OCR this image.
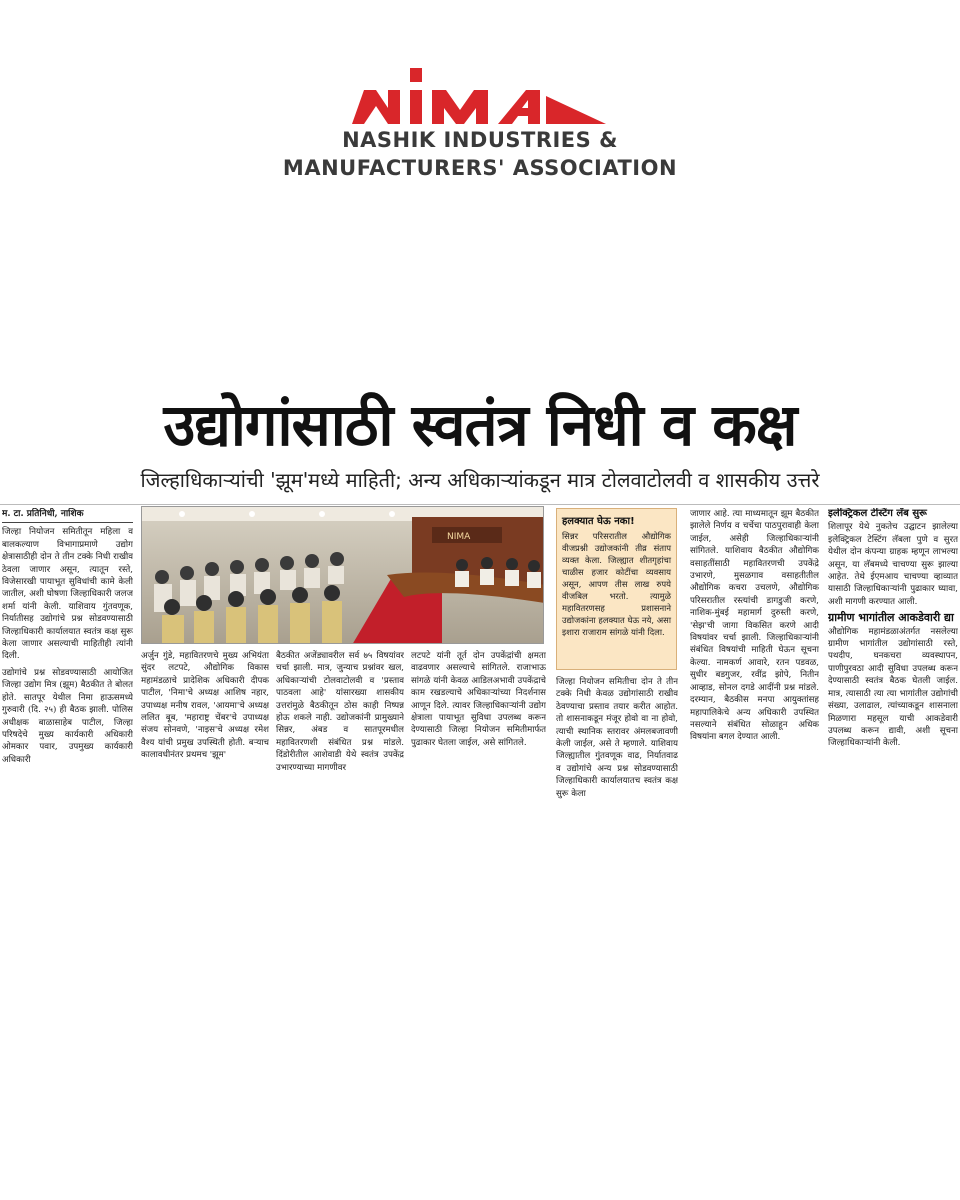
NASHIK INDUSTRIES &
MANUFACTURERS' ASSOCIATION
उद्योगांसाठी स्वतंत्र निधी व कक्ष
जिल्हाधिकाऱ्यांची 'झूम'मध्ये माहिती; अन्य अधिकाऱ्यांकडून मात्र टोलवाटोलवी व शासकीय उत्तरे
म. टा. प्रतिनिधी, नाशिक
जिल्हा नियोजन समितीतून महिला व बालकल्याण विभागाप्रमाणे उद्योग क्षेत्रासाठीही दोन ते तीन टक्के निधी राखीव ठेवला जाणार असून, त्यातून रस्ते, विजेसारखी पायाभूत सुविधांची कामे केली जातील, अशी घोषणा जिल्हाधिकारी जलज शर्मा यांनी केली. याशिवाय गुंतवणूक, निर्यातीसह उद्योगांचे प्रश्न सोडवण्यासाठी जिल्हाधिकारी कार्यालयात स्वतंत्र कक्ष सुरू केला जाणार असल्याची माहितीही त्यांनी दिली.
उद्योगांचे प्रश्न सोडवण्यासाठी आयोजित जिल्हा उद्योग मित्र (झूम) बैठकीत ते बोलत होते. सातपूर येथील निमा हाऊसमध्ये गुरुवारी (दि. २५) ही बैठक झाली. पोलिस अधीक्षक बाळासाहेब पाटील, जिल्हा परिषदेचे मुख्य कार्यकारी अधिकारी ओमकार पवार, उपमुख्य कार्यकारी अधिकारी
NIMA
अर्जुन गुंडे, महावितरणचे मुख्य अभियंता सुंदर लटपटे, औद्योगिक विकास महामंडळाचे प्रादेशिक अधिकारी दीपक पाटील, 'निमा'चे अध्यक्ष आशिष नहार, उपाध्यक्ष मनीष रावल, 'आयमा'चे अध्यक्ष ललित बूब, 'महाराष्ट्र चेंबर'चे उपाध्यक्ष संजय सोनवणे, 'नाइस'चे अध्यक्ष रमेश वैश्य यांची प्रमुख उपस्थिती होती. बऱ्याच कालावधीनंतर प्रथमच 'झूम'
बैठकीत अजेंड्यावरील सर्व ७५ विषयांवर चर्चा झाली. मात्र, जुन्याच प्रश्नांवर खल, अधिकाऱ्यांची टोलवाटोलवी व 'प्रस्ताव पाठवला आहे' यांसारख्या शासकीय उत्तरांमुळे बैठकीतून ठोस काही निष्पन्न होऊ शकले नाही. उद्योजकांनी प्रामुख्याने सिन्नर, अंबड व सातपूरमधील महावितरणशी संबंधित प्रश्न मांडले. दिंडोरीतील आशेवाडी येथे स्वतंत्र उपकेंद्र उभारण्याच्या मागणीवर
लटपटे यांनी तूर्त दोन उपकेंद्रांची क्षमता वाढवणार असल्याचे सांगितले. राजाभाऊ सांगळे यांनी केवळ आडिलअभावी उपकेंद्राचे काम रखडल्याचे अधिकाऱ्यांच्या निदर्शनास आणून दिले. त्यावर जिल्हाधिकाऱ्यांनी उद्योग क्षेत्राला पायाभूत सुविधा उपलब्ध करून देण्यासाठी जिल्हा नियोजन समितीमार्फत पुढाकार घेतला जाईल, असे सांगितले.
हलक्यात घेऊ नका!
सिन्नर परिसरातील औद्योगिक वीजप्रश्नी उद्योजकांनी तीव्र संताप व्यक्त केला. जिल्ह्यात शीतगृहांचा चाळीस हजार कोटींचा व्यवसाय असून, आपण तीस लाख रुपये वीजबिल भरतो. त्यामुळे महावितरणसह प्रशासनाने उद्योजकांना हलक्यात घेऊ नये, असा इशारा राजाराम सांगळे यांनी दिला.
जिल्हा नियोजन समितीचा दोन ते तीन टक्के निधी केवळ उद्योगांसाठी राखीव ठेवण्याचा प्रस्ताव तयार करीत आहोत. तो शासनाकडून मंजूर होवो वा ना होवो, त्याची स्थानिक स्तरावर अंमलबजावणी केली जाईल, असे ते म्हणाले. याशिवाय जिल्ह्यातील गुंतवणूक वाढ, निर्यातवाढ व उद्योगांचे अन्य प्रश्न सोडवण्यासाठी जिल्हाधिकारी कार्यालयातच स्वतंत्र कक्ष सुरू केला
जाणार आहे. त्या माध्यमातून झूम बैठकीत झालेले निर्णय व चर्चेचा पाठपुरावाही केला जाईल, असेही जिल्हाधिकाऱ्यांनी सांगितले. याशिवाय बैठकीत औद्योगिक वसाहतींसाठी महावितरणची उपकेंद्रे उभारणे, मुसळगाव वसाहतीतील औद्योगिक कचरा उचलणे, औद्योगिक परिसरातील रस्त्यांची डागडुजी करणे, नाशिक-मुंबई महामार्ग दुरुस्ती करणे, 'सेझ'ची जागा विकसित करणे आदी विषयांवर चर्चा झाली. जिल्हाधिकाऱ्यांनी संबंधित विषयांची माहिती घेऊन सूचना केल्या. नामकर्ण आवारे, रतन पडवळ, सुधीर बडगुजर, रवींद्र झोपे, नितीन आव्हाड, सोनल दगडे आदींनी प्रश्न मांडले. दरम्यान, बैठकीस मनपा आयुक्तांसह महापालिकेचे अन्य अधिकारी उपस्थित नसल्याने संबंधित सोळाहून अधिक विषयांना बगल देण्यात आली.
इलेक्ट्रिकल टेस्टिंग लॅब सुरू
शिलापूर येथे नुकतेच उद्घाटन झालेल्या इलेक्ट्रिकल टेस्टिंग लॅबला पुणे व सुरत येथील दोन कंपन्या ग्राहक म्हणून लाभल्या असून, या लॅबमध्ये चाचण्या सुरू झाल्या आहेत. तेथे ईएमआय चाचण्या व्हाव्यात यासाठी जिल्हाधिकाऱ्यांनी पुढाकार घ्यावा, अशी मागणी करण्यात आली.
ग्रामीण भागांतील आकडेवारी द्या
औद्योगिक महामंडळाअंतर्गत नसलेल्या ग्रामीण भागांतील उद्योगांसाठी रस्ते, पथदीप, घनकचरा व्यवस्थापन, पाणीपुरवठा आदी सुविधा उपलब्ध करून देण्यासाठी स्वतंत्र बैठक घेतली जाईल. मात्र, त्यासाठी त्या त्या भागांतील उद्योगांची संख्या, उलाढाल, त्यांच्याकडून शासनाला मिळणारा महसूल याची आकडेवारी उपलब्ध करून द्यावी, अशी सूचना जिल्हाधिकाऱ्यांनी केली.
